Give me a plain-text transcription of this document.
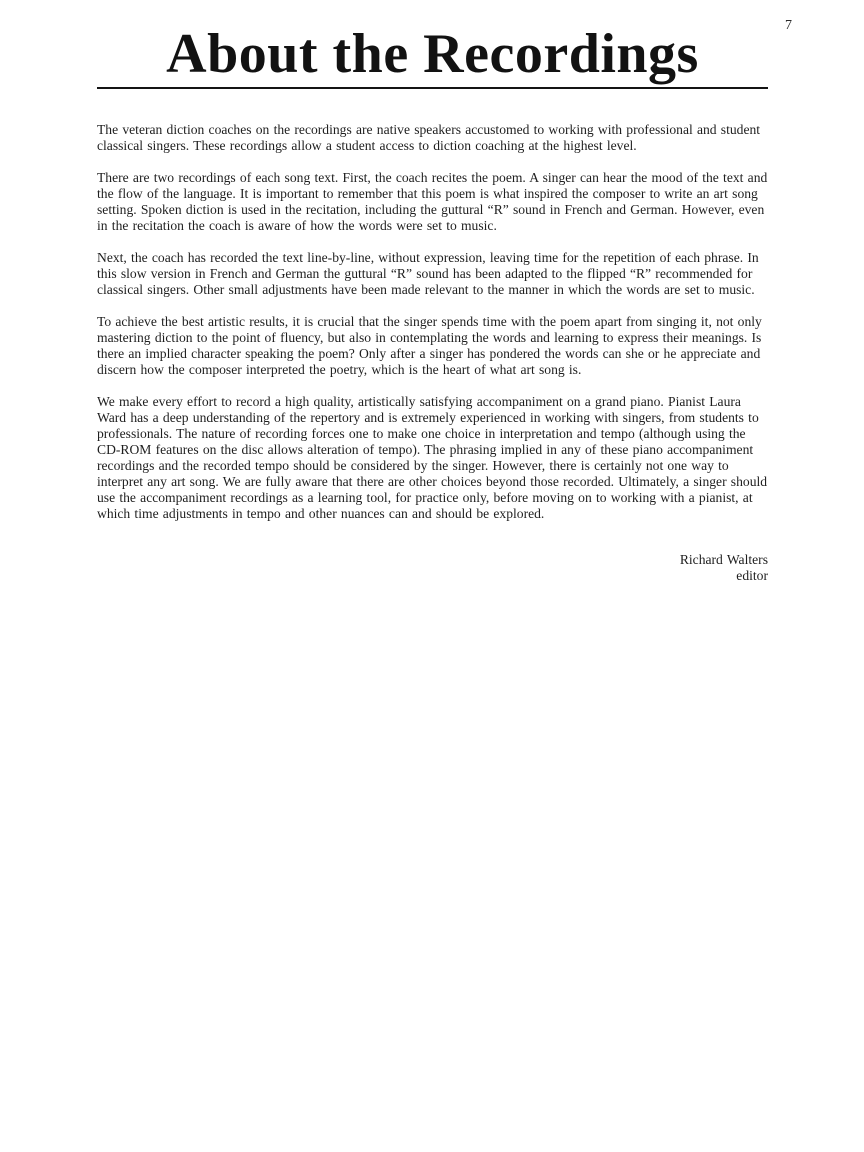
7
About the Recordings

The veteran diction coaches on the recordings are native speakers accustomed to working with professional and student classical singers. These recordings allow a student access to diction coaching at the highest level.

There are two recordings of each song text. First, the coach recites the poem. A singer can hear the mood of the text and the flow of the language. It is important to remember that this poem is what inspired the composer to write an art song setting. Spoken diction is used in the recitation, including the guttural “R” sound in French and German. However, even in the recitation the coach is aware of how the words were set to music.

Next, the coach has recorded the text line-by-line, without expression, leaving time for the repetition of each phrase. In this slow version in French and German the guttural “R” sound has been adapted to the flipped “R” recommended for classical singers. Other small adjustments have been made relevant to the manner in which the words are set to music.

To achieve the best artistic results, it is crucial that the singer spends time with the poem apart from singing it, not only mastering diction to the point of fluency, but also in contemplating the words and learning to express their meanings. Is there an implied character speaking the poem? Only after a singer has pondered the words can she or he appreciate and discern how the composer interpreted the poetry, which is the heart of what art song is.

We make every effort to record a high quality, artistically satisfying accompaniment on a grand piano. Pianist Laura Ward has a deep understanding of the repertory and is extremely experienced in working with singers, from students to professionals. The nature of recording forces one to make one choice in interpretation and tempo (although using the CD-ROM features on the disc allows alteration of tempo). The phrasing implied in any of these piano accompaniment recordings and the recorded tempo should be considered by the singer. However, there is certainly not one way to interpret any art song. We are fully aware that there are other choices beyond those recorded. Ultimately, a singer should use the accompaniment recordings as a learning tool, for practice only, before moving on to working with a pianist, at which time adjustments in tempo and other nuances can and should be explored.

Richard Walters
editor
